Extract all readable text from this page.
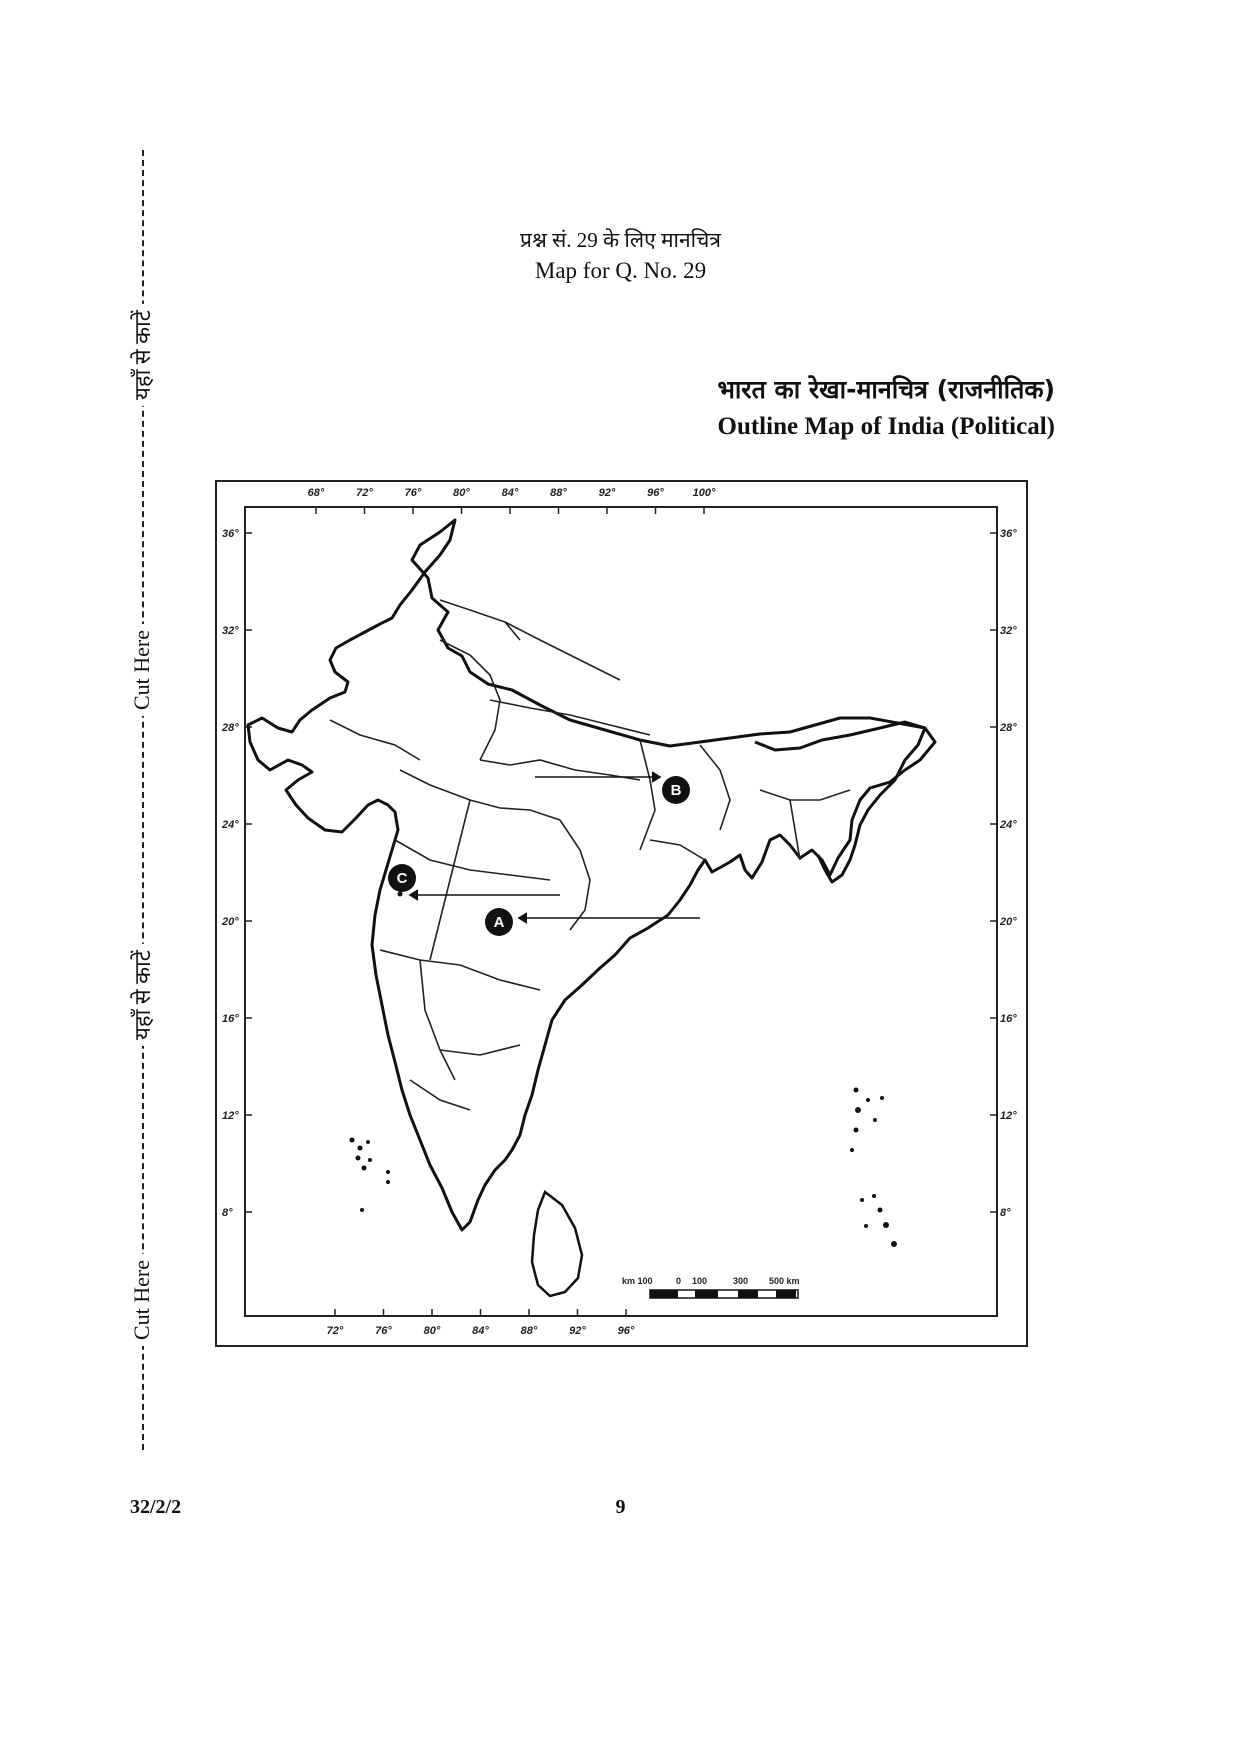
यहाँ से काटें
Cut Here
यहाँ से काटें
Cut Here
प्रश्न सं. 29 के लिए मानचित्र
Map for Q. No. 29
भारत का रेखा-मानचित्र (राजनीतिक)
Outline Map of India (Political)
68°	72°	76°	80°	84°	88°	92°	96°	100°
72°	76°	80°	84°	88°	92°	96°
36°
32°
28°
24°
20°
16°
12°
8°
36°
32°
28°
24°
20°
16°
12°
8°
A
B
C
km 100	0 100	300 500 km
32/2/2	9
